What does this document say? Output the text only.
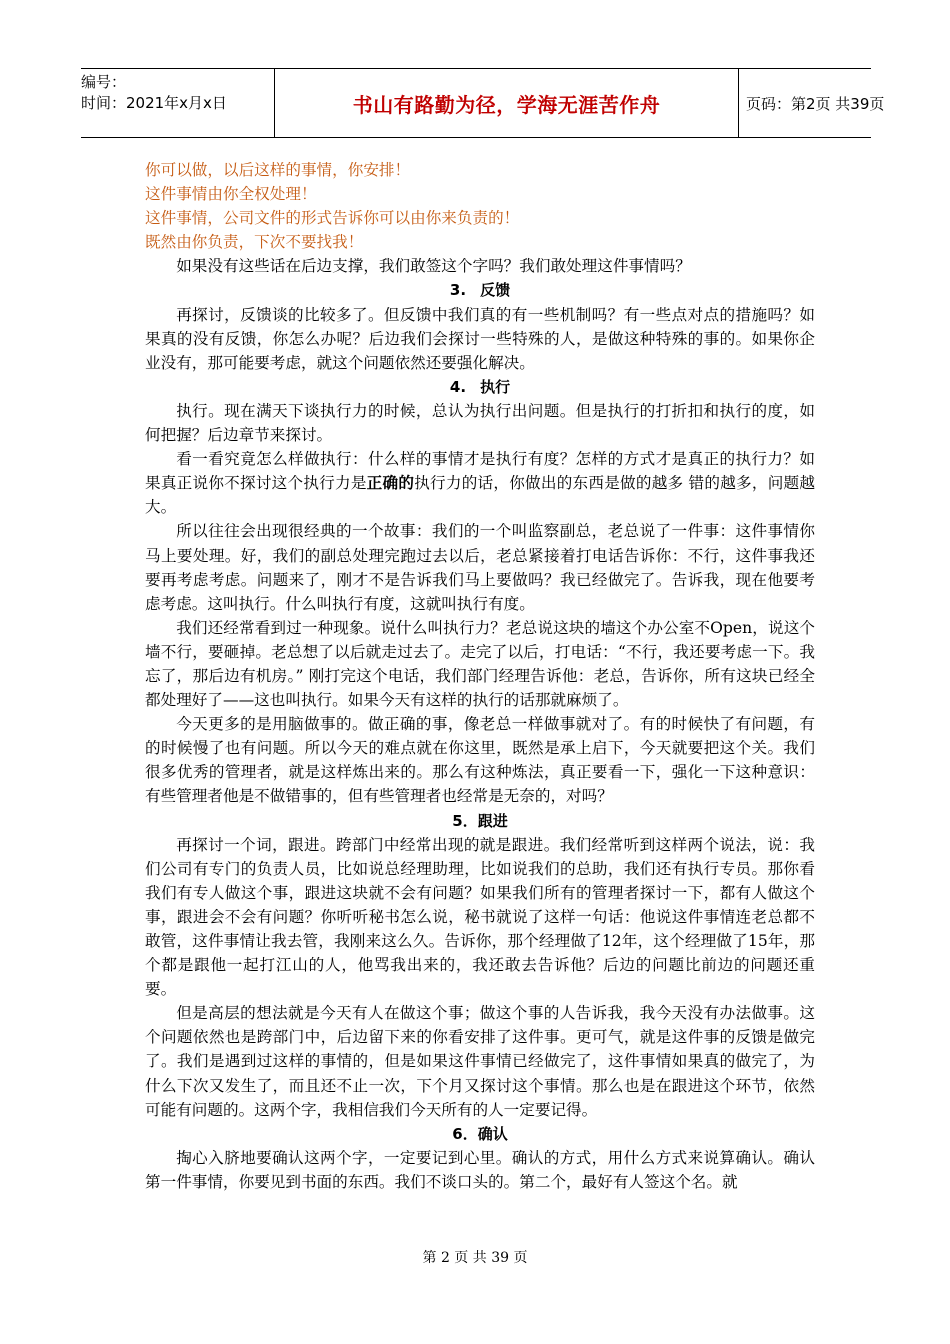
编号：
时间：2021年x月x日	书山有路勤为径，学海无涯苦作舟	页码：第2页 共39页

你可以做，以后这样的事情，你安排！

这件事情由你全权处理！

这件事情，公司文件的形式告诉你可以由你来负责的！

既然由你负责，下次不要找我！

如果没有这些话在后边支撑，我们敢签这个字吗？我们敢处理这件事情吗？

3. 反馈

再探讨，反馈谈的比较多了。但反馈中我们真的有一些机制吗？有一些点对点的措施吗？如果真的没有反馈，你怎么办呢？后边我们会探讨一些特殊的人，是做这种特殊的事的。如果你企业没有，那可能要考虑，就这个问题依然还要强化解决。

4. 执行

执行。现在满天下谈执行力的时候，总认为执行出问题。但是执行的打折扣和执行的度，如何把握？后边章节来探讨。

看一看究竟怎么样做执行：什么样的事情才是执行有度？怎样的方式才是真正的执行力？如果真正说你不探讨这个执行力是正确的执行力的话，你做出的东西是做的越多 错的越多，问题越大。

所以往往会出现很经典的一个故事：我们的一个叫监察副总，老总说了一件事：这件事情你马上要处理。好，我们的副总处理完跑过去以后，老总紧接着打电话告诉你：不行，这件事我还要再考虑考虑。问题来了，刚才不是告诉我们马上要做吗？我已经做完了。告诉我，现在他要考虑考虑。这叫执行。什么叫执行有度，这就叫执行有度。

我们还经常看到过一种现象。说什么叫执行力？老总说这块的墙这个办公室不Open，说这个墙不行，要砸掉。老总想了以后就走过去了。走完了以后，打电话：“不行，我还要考虑一下。我忘了，那后边有机房。” 刚打完这个电话，我们部门经理告诉他：老总，告诉你，所有这块已经全都处理好了——这也叫执行。如果今天有这样的执行的话那就麻烦了。

今天更多的是用脑做事的。做正确的事，像老总一样做事就对了。有的时候快了有问题，有的时候慢了也有问题。所以今天的难点就在你这里，既然是承上启下，今天就要把这个关。我们很多优秀的管理者，就是这样炼出来的。那么有这种炼法，真正要看一下，强化一下这种意识：有些管理者他是不做错事的，但有些管理者也经常是无奈的，对吗？

5．跟进

再探讨一个词，跟进。跨部门中经常出现的就是跟进。我们经常听到这样两个说法，说：我们公司有专门的负责人员，比如说总经理助理，比如说我们的总助，我们还有执行专员。那你看我们有专人做这个事，跟进这块就不会有问题？如果我们所有的管理者探讨一下，都有人做这个事，跟进会不会有问题？你听听秘书怎么说，秘书就说了这样一句话：他说这件事情连老总都不敢管，这件事情让我去管，我刚来这么久。告诉你，那个经理做了12年，这个经理做了15年，那个都是跟他一起打江山的人，他骂我出来的，我还敢去告诉他？后边的问题比前边的问题还重要。

但是高层的想法就是今天有人在做这个事；做这个事的人告诉我，我今天没有办法做事。这个问题依然也是跨部门中，后边留下来的你看安排了这件事。更可气，就是这件事的反馈是做完了。我们是遇到过这样的事情的，但是如果这件事情已经做完了，这件事情如果真的做完了，为什么下次又发生了，而且还不止一次，下个月又探讨这个事情。那么也是在跟进这个环节，依然可能有问题的。这两个字，我相信我们今天所有的人一定要记得。

6．确认

掏心入脐地要确认这两个字，一定要记到心里。确认的方式，用什么方式来说算确认。确认第一件事情，你要见到书面的东西。我们不谈口头的。第二个，最好有人签这个名。就

第 2 页 共 39 页
